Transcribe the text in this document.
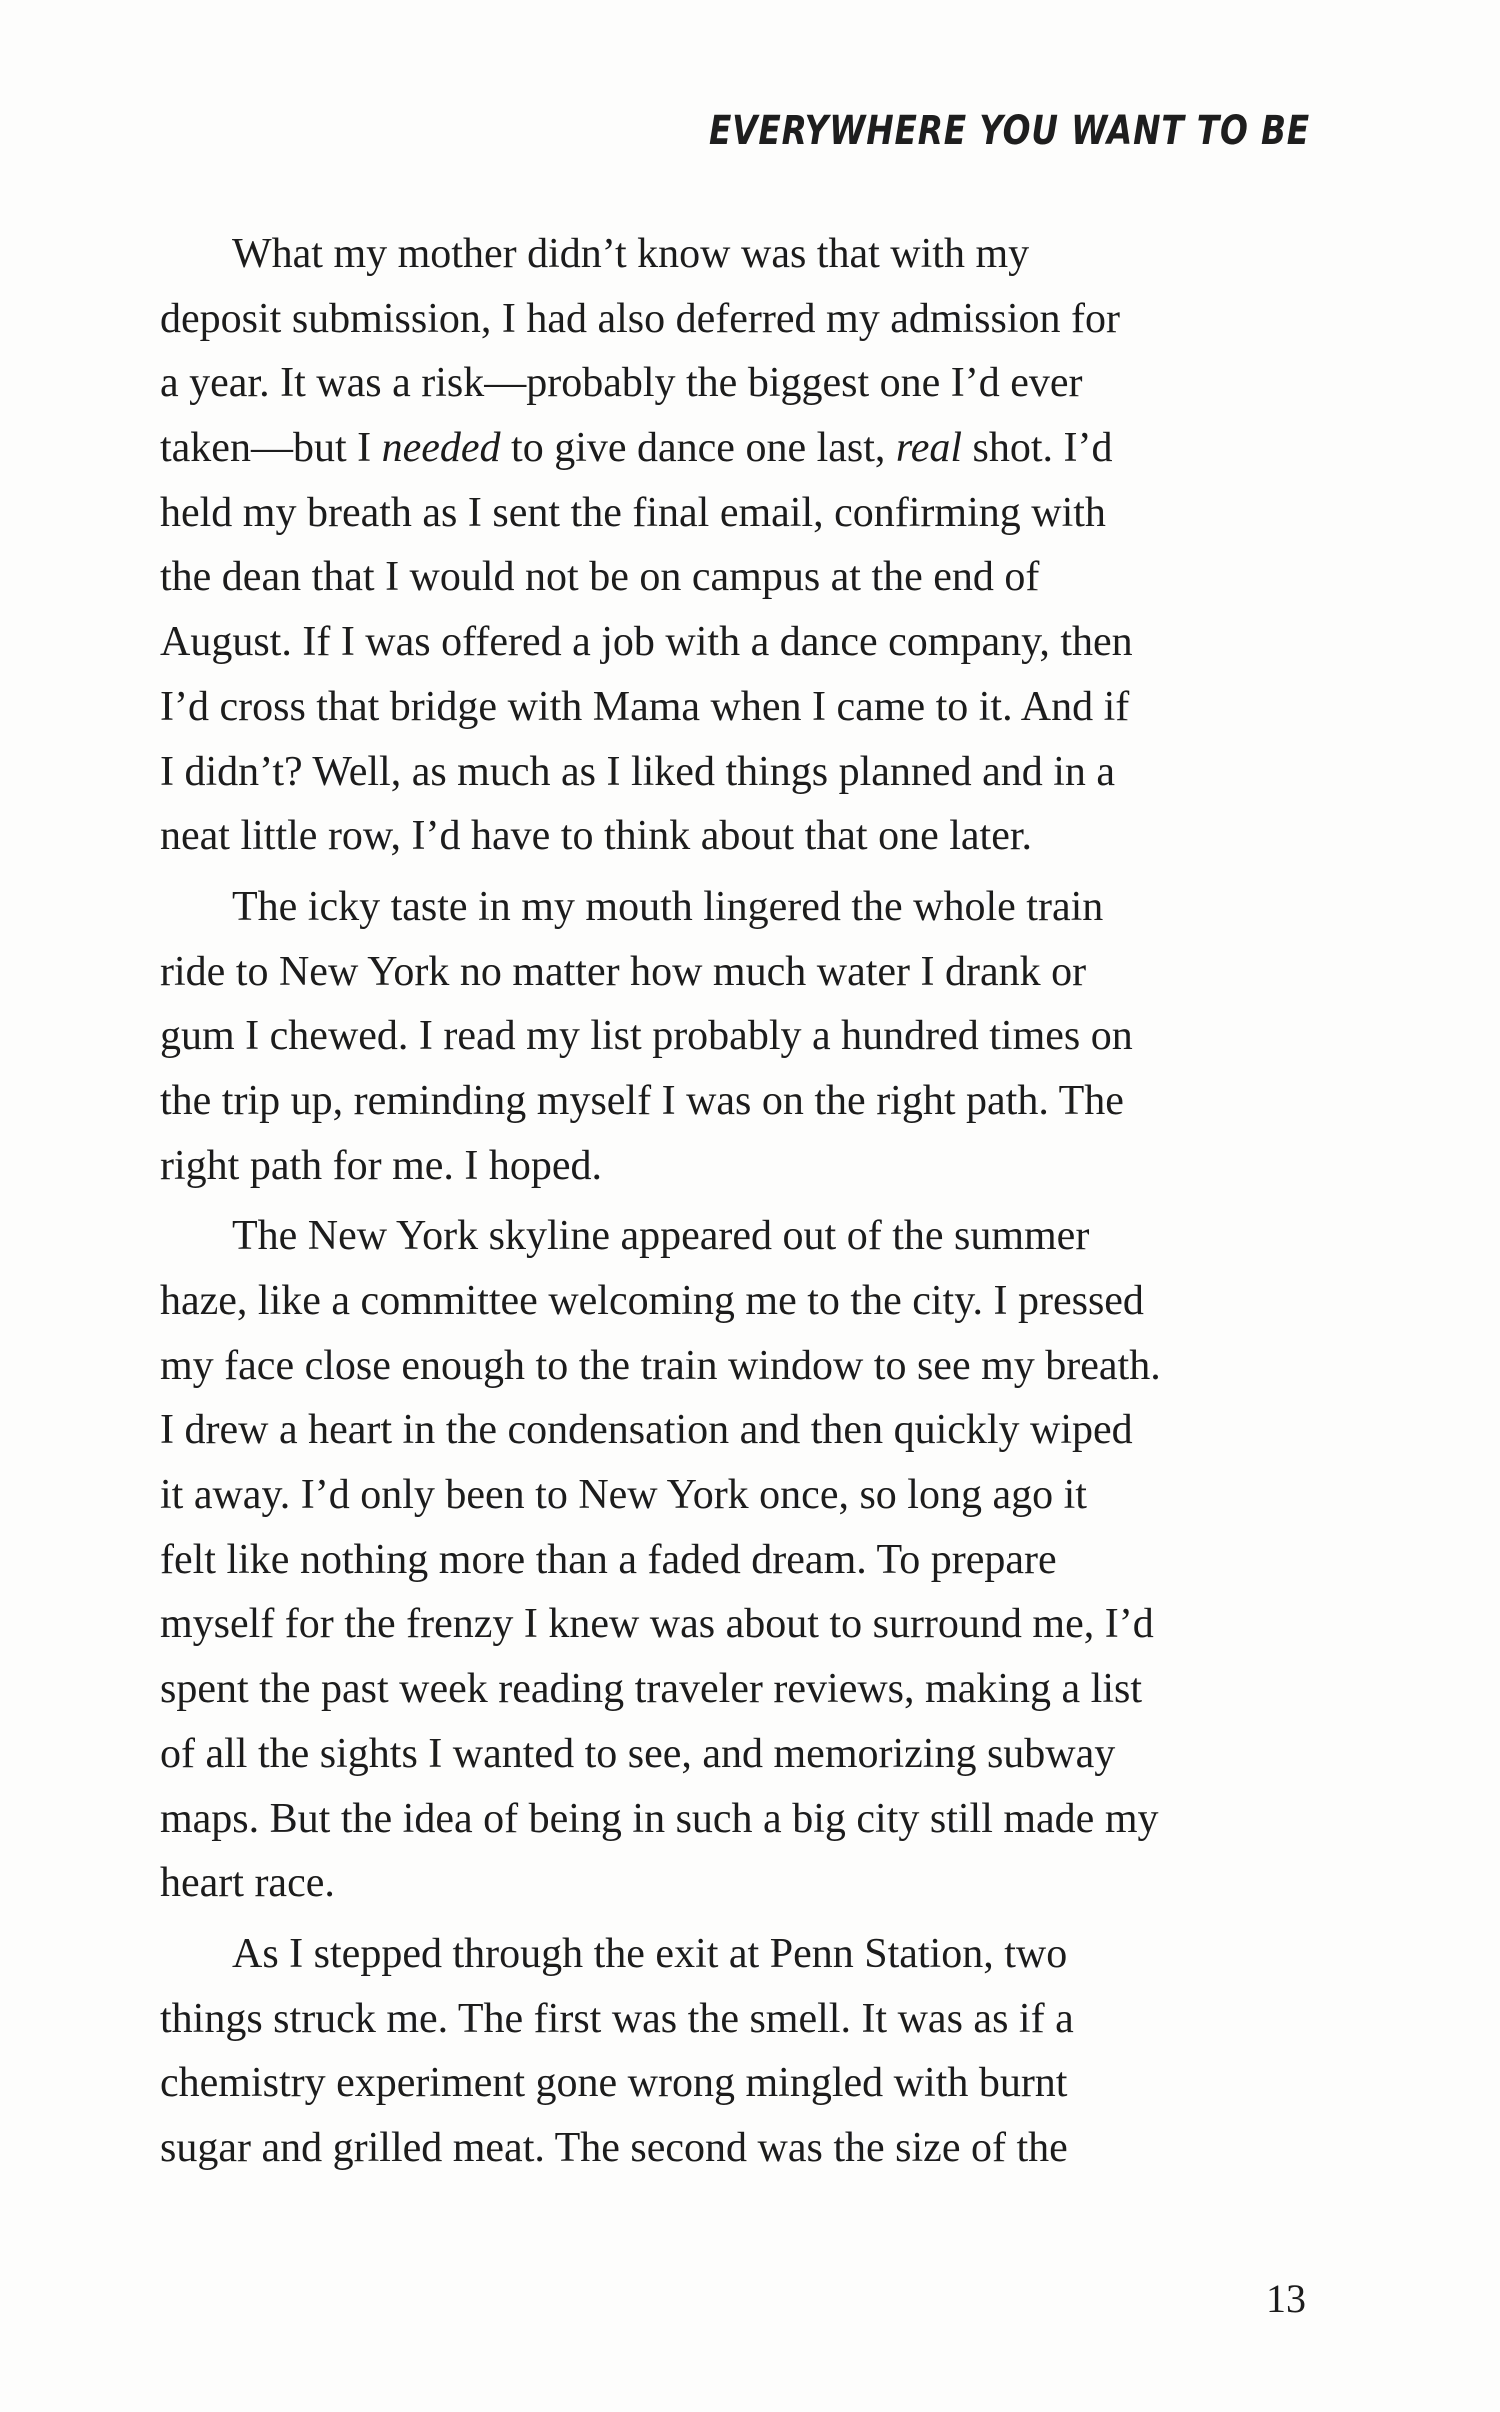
EVERYWHERE YOU WANT TO BE
What my mother didn’t know was that with my
deposit submission, I had also deferred my admission for
a year. It was a risk—probably the biggest one I’d ever
taken—but I needed to give dance one last, real shot. I’d
held my breath as I sent the final email, confirming with
the dean that I would not be on campus at the end of
August. If I was offered a job with a dance company, then
I’d cross that bridge with Mama when I came to it. And if
I didn’t? Well, as much as I liked things planned and in a
neat little row, I’d have to think about that one later.
The icky taste in my mouth lingered the whole train
ride to New York no matter how much water I drank or
gum I chewed. I read my list probably a hundred times on
the trip up, reminding myself I was on the right path. The
right path for me. I hoped.
The New York skyline appeared out of the summer
haze, like a committee welcoming me to the city. I pressed
my face close enough to the train window to see my breath.
I drew a heart in the condensation and then quickly wiped
it away. I’d only been to New York once, so long ago it
felt like nothing more than a faded dream. To prepare
myself for the frenzy I knew was about to surround me, I’d
spent the past week reading traveler reviews, making a list
of all the sights I wanted to see, and memorizing subway
maps. But the idea of being in such a big city still made my
heart race.
As I stepped through the exit at Penn Station, two
things struck me. The first was the smell. It was as if a
chemistry experiment gone wrong mingled with burnt
sugar and grilled meat. The second was the size of the
13
